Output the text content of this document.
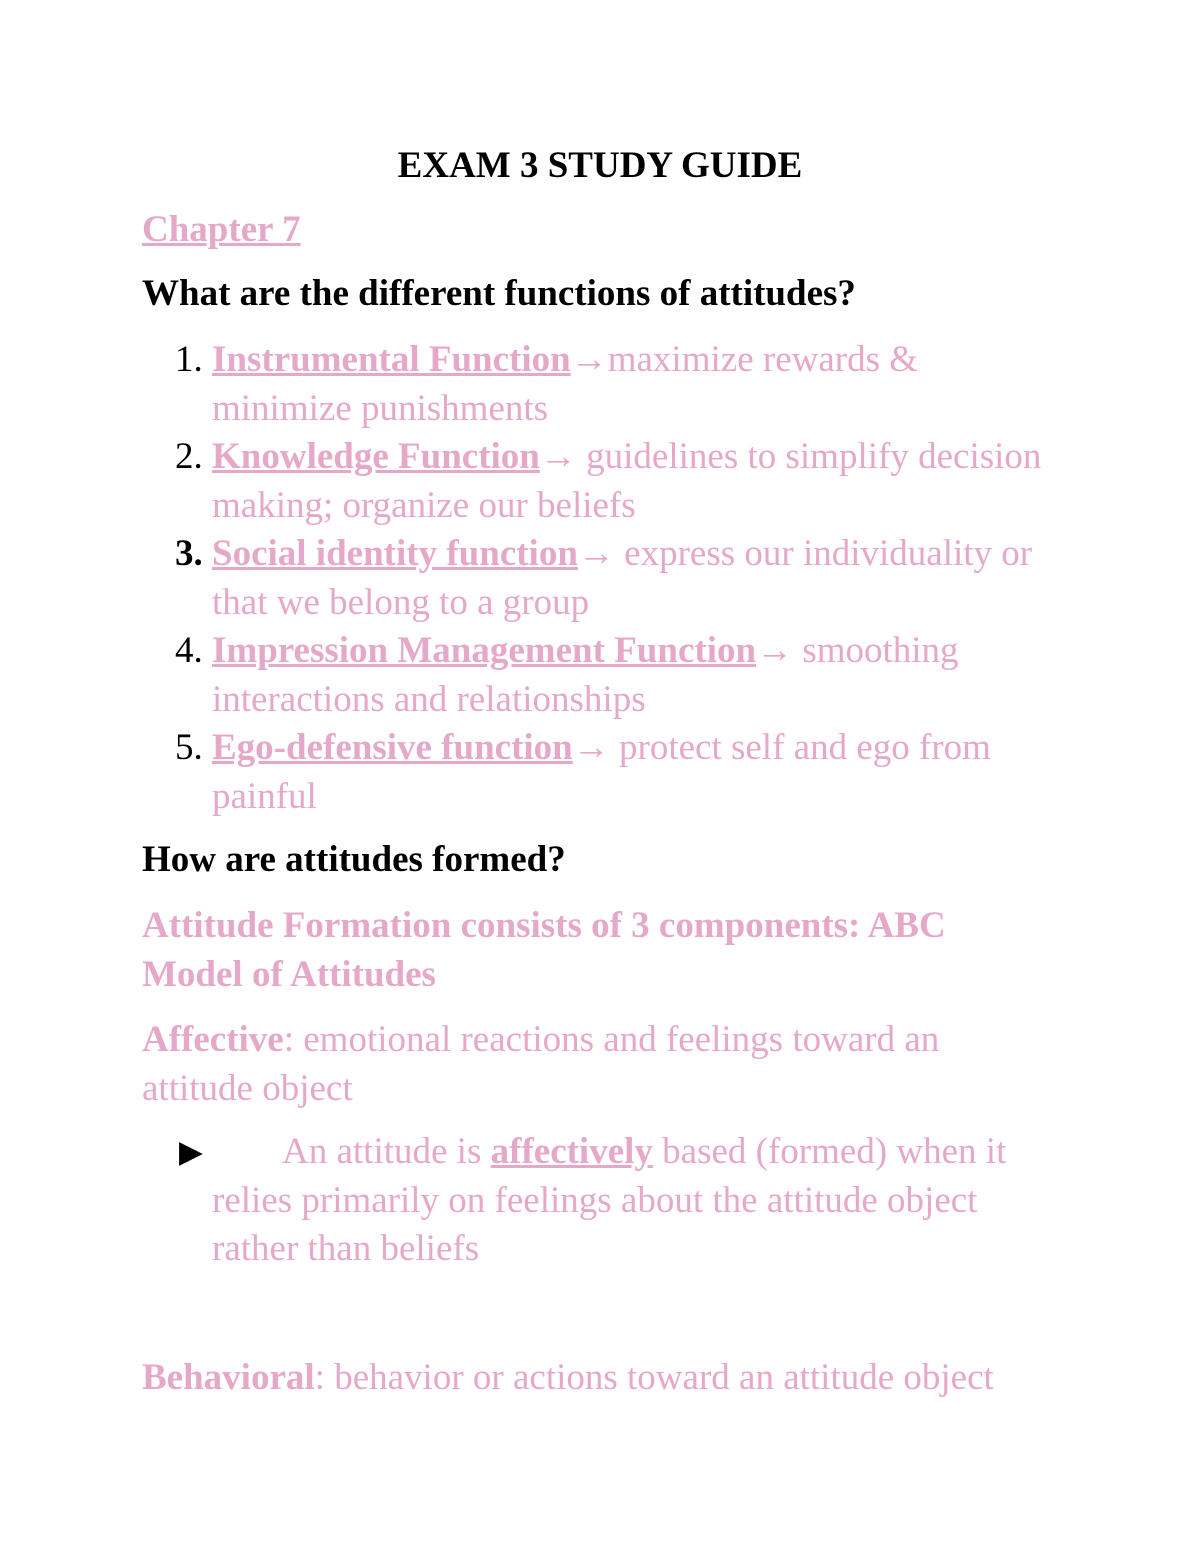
EXAM 3 STUDY GUIDE
Chapter 7
What are the different functions of attitudes?
1. Instrumental Function→maximize rewards & minimize punishments
2. Knowledge Function→ guidelines to simplify decision making; organize our beliefs
3. Social identity function→ express our individuality or that we belong to a group
4. Impression Management Function→ smoothing interactions and relationships
5. Ego-defensive function→ protect self and ego from painful
How are attitudes formed?
Attitude Formation consists of 3 components: ABC Model of Attitudes
Affective: emotional reactions and feelings toward an attitude object
▶ An attitude is affectively based (formed) when it relies primarily on feelings about the attitude object rather than beliefs
Behavioral: behavior or actions toward an attitude object
